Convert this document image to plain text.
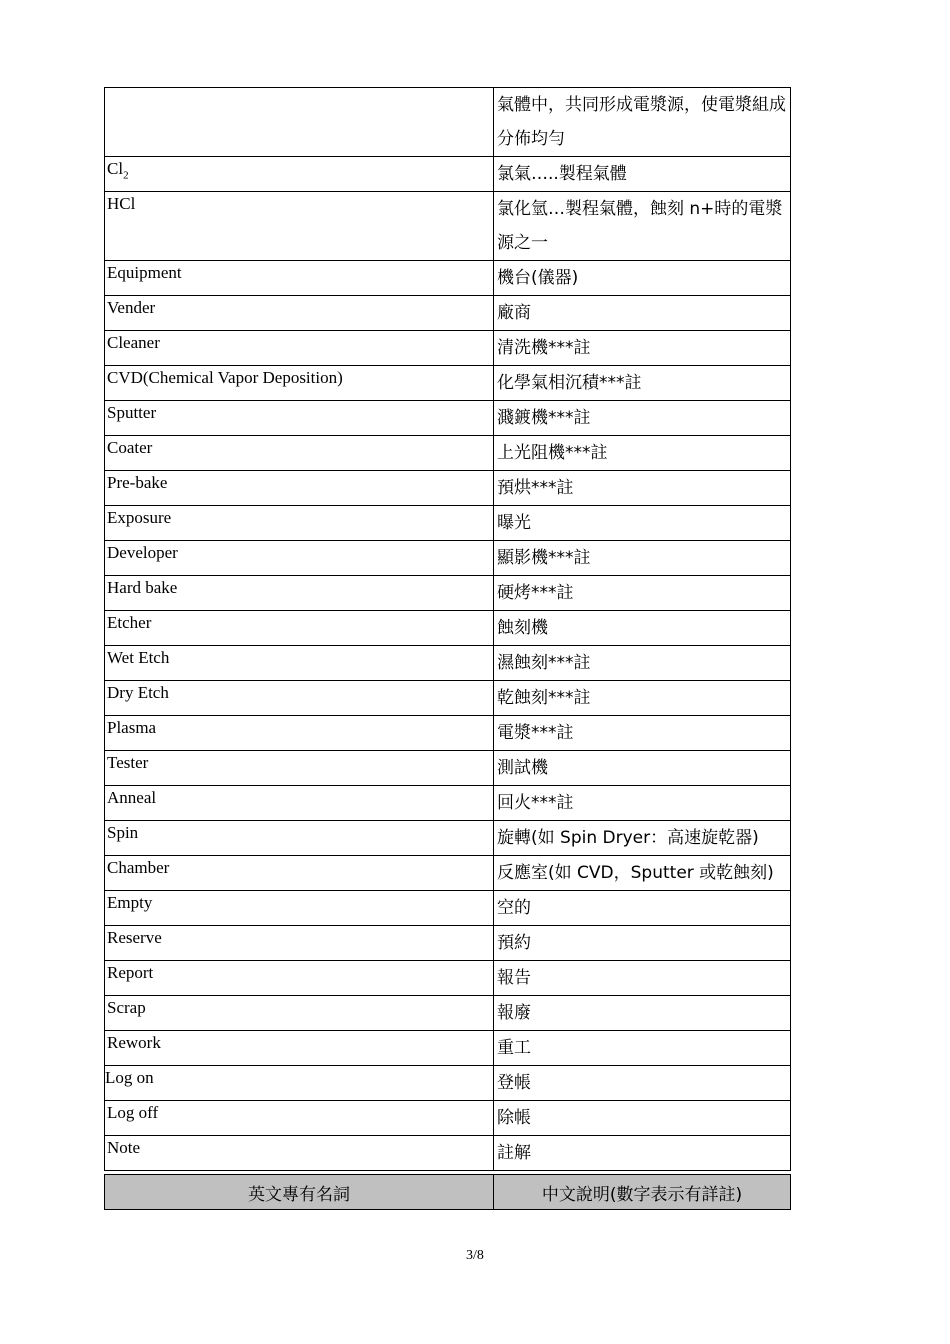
	氣體中，共同形成電漿源，使電漿組成分佈均勻
$Cl_2$	氯氣…..製程氣體
HCl	氯化氫…製程氣體，蝕刻 n+時的電漿源之一
Equipment	機台(儀器)
Vender	廠商
Cleaner	清洗機***註
CVD(Chemical Vapor Deposition)	化學氣相沉積***註
Sputter	濺鍍機***註
Coater	上光阻機***註
Pre-bake	預烘***註
Exposure	曝光
Developer	顯影機***註
Hard bake	硬烤***註
Etcher	蝕刻機
Wet Etch	濕蝕刻***註
Dry Etch	乾蝕刻***註
Plasma	電漿***註
Tester	測試機
Anneal	回火***註
Spin	旋轉(如 Spin Dryer：高速旋乾器)
Chamber	反應室(如 CVD，Sputter 或乾蝕刻)
Empty	空的
Reserve	預約
Report	報告
Scrap	報廢
Rework	重工
Log on	登帳
Log off	除帳
Note	註解
英文專有名詞	中文說明(數字表示有詳註)
3/8
